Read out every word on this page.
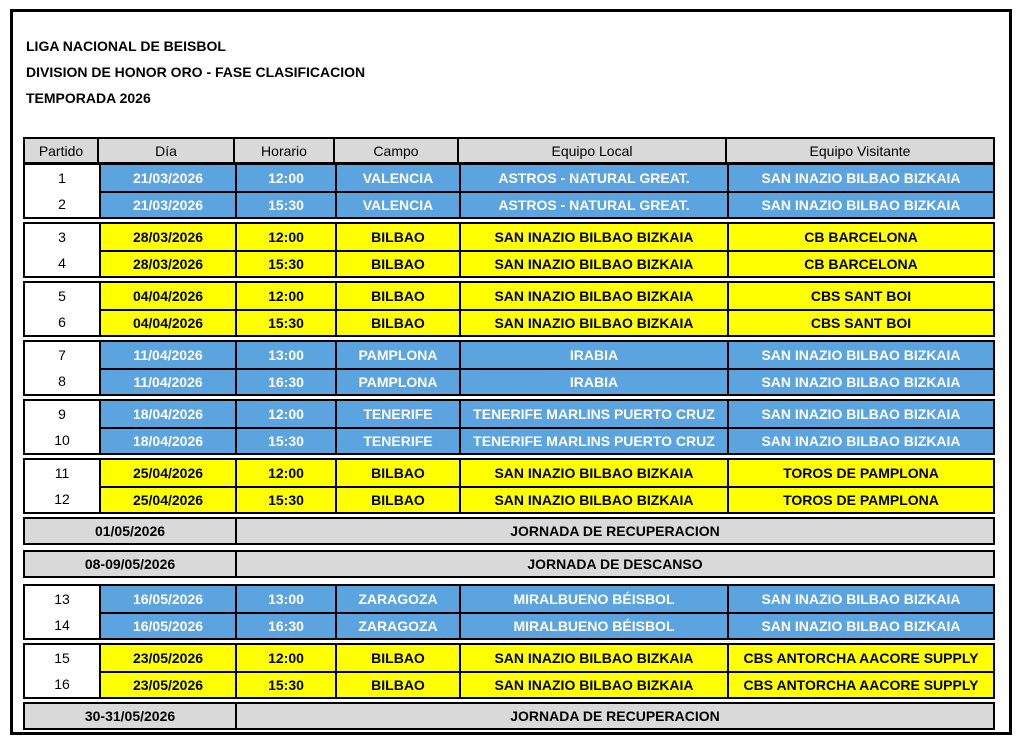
LIGA NACIONAL DE BEISBOL
DIVISION DE HONOR ORO - FASE CLASIFICACION
TEMPORADA 2026
Partido	Día	Horario	Campo	Equipo Local	Equipo Visitante
1	21/03/2026	12:00	VALENCIA	ASTROS - NATURAL GREAT.	SAN INAZIO BILBAO BIZKAIA
2	21/03/2026	15:30	VALENCIA	ASTROS - NATURAL GREAT.	SAN INAZIO BILBAO BIZKAIA
3	28/03/2026	12:00	BILBAO	SAN INAZIO BILBAO BIZKAIA	CB BARCELONA
4	28/03/2026	15:30	BILBAO	SAN INAZIO BILBAO BIZKAIA	CB BARCELONA
5	04/04/2026	12:00	BILBAO	SAN INAZIO BILBAO BIZKAIA	CBS SANT BOI
6	04/04/2026	15:30	BILBAO	SAN INAZIO BILBAO BIZKAIA	CBS SANT BOI
7	11/04/2026	13:00	PAMPLONA	IRABIA	SAN INAZIO BILBAO BIZKAIA
8	11/04/2026	16:30	PAMPLONA	IRABIA	SAN INAZIO BILBAO BIZKAIA
9	18/04/2026	12:00	TENERIFE	TENERIFE MARLINS PUERTO CRUZ	SAN INAZIO BILBAO BIZKAIA
10	18/04/2026	15:30	TENERIFE	TENERIFE MARLINS PUERTO CRUZ	SAN INAZIO BILBAO BIZKAIA
11	25/04/2026	12:00	BILBAO	SAN INAZIO BILBAO BIZKAIA	TOROS DE PAMPLONA
12	25/04/2026	15:30	BILBAO	SAN INAZIO BILBAO BIZKAIA	TOROS DE PAMPLONA
13	16/05/2026	13:00	ZARAGOZA	MIRALBUENO BÉISBOL	SAN INAZIO BILBAO BIZKAIA
14	16/05/2026	16:30	ZARAGOZA	MIRALBUENO BÉISBOL	SAN INAZIO BILBAO BIZKAIA
15	23/05/2026	12:00	BILBAO	SAN INAZIO BILBAO BIZKAIA	CBS ANTORCHA AACORE SUPPLY
16	23/05/2026	15:30	BILBAO	SAN INAZIO BILBAO BIZKAIA	CBS ANTORCHA AACORE SUPPLY
01/05/2026	JORNADA DE RECUPERACION
08-09/05/2026	JORNADA DE DESCANSO
30-31/05/2026	JORNADA DE RECUPERACION
